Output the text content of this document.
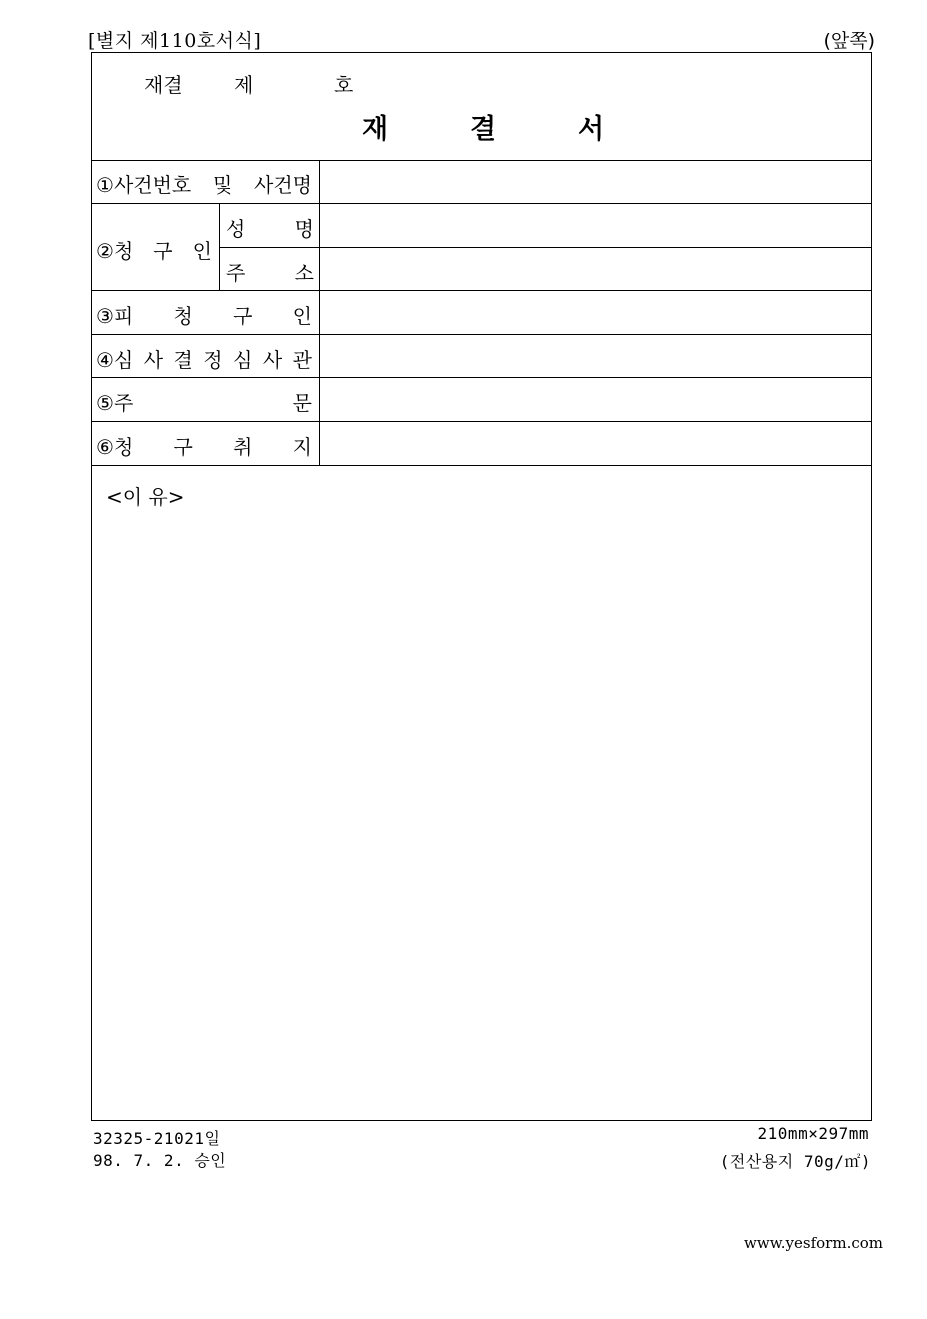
[별지 제110호서식]	(앞쪽)
재결	제	호
재	결	서
①사건번호 및 사건명
②청 구 인
성 명
주 소
③피 청 구 인
④심 사 결 정 심 사 관
⑤주	문
⑥청 구 취 지
<이 유>
32325-21021일
98. 7. 2. 승인
210mm×297mm
(전산용지 70g/㎡)
www.yesform.com
